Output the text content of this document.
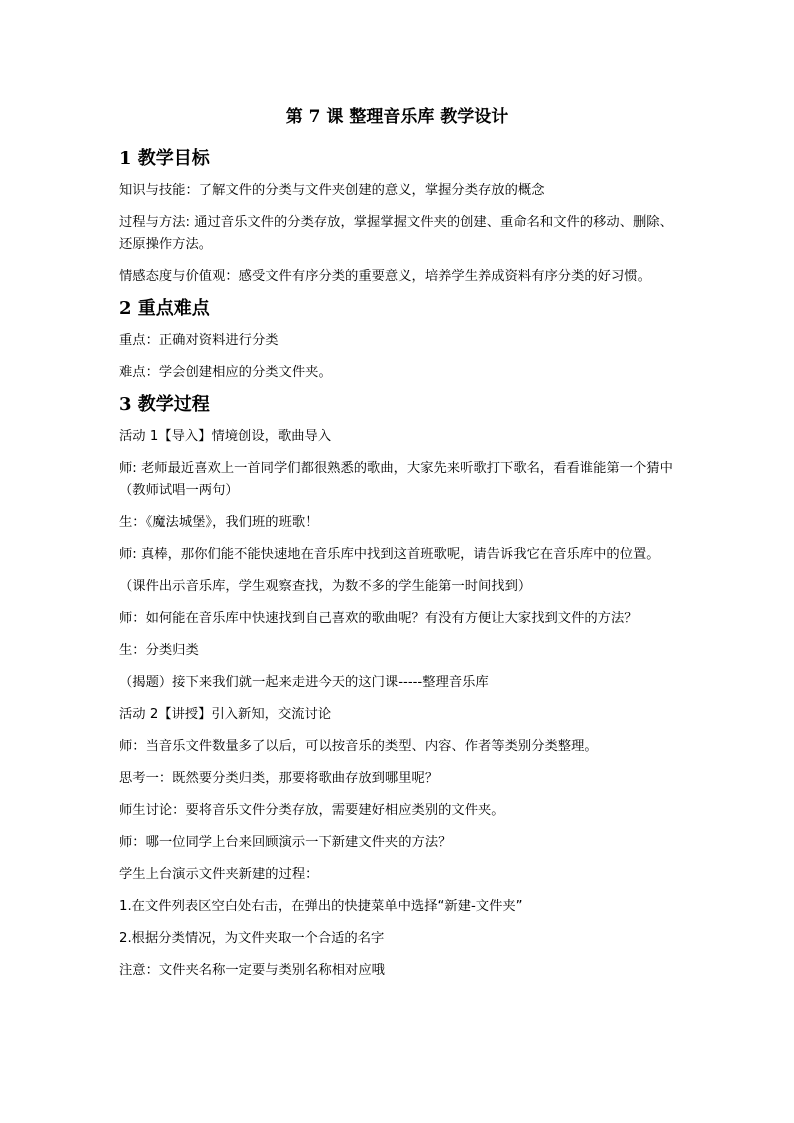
第 7 课 整理音乐库 教学设计
1 教学目标
知识与技能：了解文件的分类与文件夹创建的意义，掌握分类存放的概念
过程与方法: 通过音乐文件的分类存放，掌握掌握文件夹的创建、重命名和文件的移动、删除、还原操作方法。
情感态度与价值观：感受文件有序分类的重要意义，培养学生养成资料有序分类的好习惯。
2 重点难点
重点：正确对资料进行分类
难点：学会创建相应的分类文件夹。
3 教学过程
活动 1【导入】情境创设，歌曲导入
师: 老师最近喜欢上一首同学们都很熟悉的歌曲，大家先来听歌打下歌名，看看谁能第一个猜中（教师试唱一两句）
生：《魔法城堡》，我们班的班歌！
师: 真棒，那你们能不能快速地在音乐库中找到这首班歌呢，请告诉我它在音乐库中的位置。
（课件出示音乐库，学生观察查找，为数不多的学生能第一时间找到）
师：如何能在音乐库中快速找到自己喜欢的歌曲呢？有没有方便让大家找到文件的方法？
生：分类归类
（揭题）接下来我们就一起来走进今天的这门课-----整理音乐库
活动 2【讲授】引入新知，交流讨论
师：当音乐文件数量多了以后，可以按音乐的类型、内容、作者等类别分类整理。
思考一：既然要分类归类，那要将歌曲存放到哪里呢？
师生讨论：要将音乐文件分类存放，需要建好相应类别的文件夹。
师：哪一位同学上台来回顾演示一下新建文件夹的方法？
学生上台演示文件夹新建的过程：
1.在文件列表区空白处右击，在弹出的快捷菜单中选择“新建-文件夹”
2.根据分类情况，为文件夹取一个合适的名字
注意：文件夹名称一定要与类别名称相对应哦
